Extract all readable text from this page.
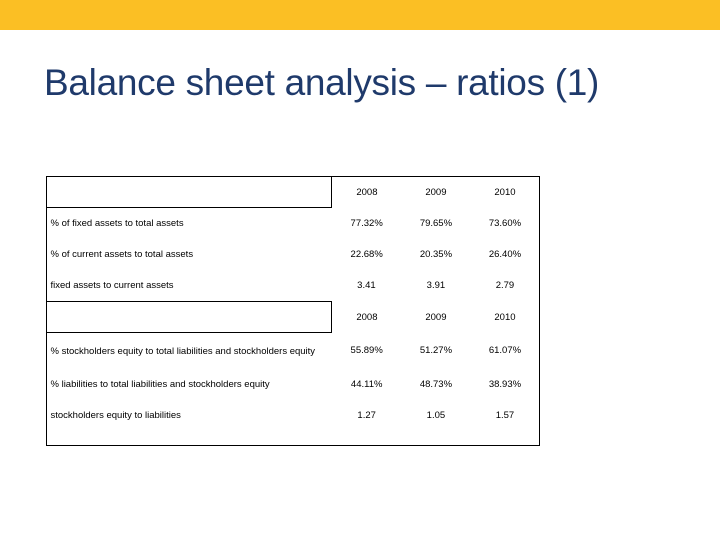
Balance sheet analysis – ratios (1)
	2008	2009	2010
% of fixed assets to total assets	77.32%	79.65%	73.60%
% of current assets to total assets	22.68%	20.35%	26.40%
fixed assets to current assets	3.41	3.91	2.79
	2008	2009	2010
% stockholders equity to total liabilities and stockholders equity	55.89%	51.27%	61.07%
% liabilities to total liabilities and stockholders equity	44.11%	48.73%	38.93%
stockholders equity to liabilities	1.27	1.05	1.57
